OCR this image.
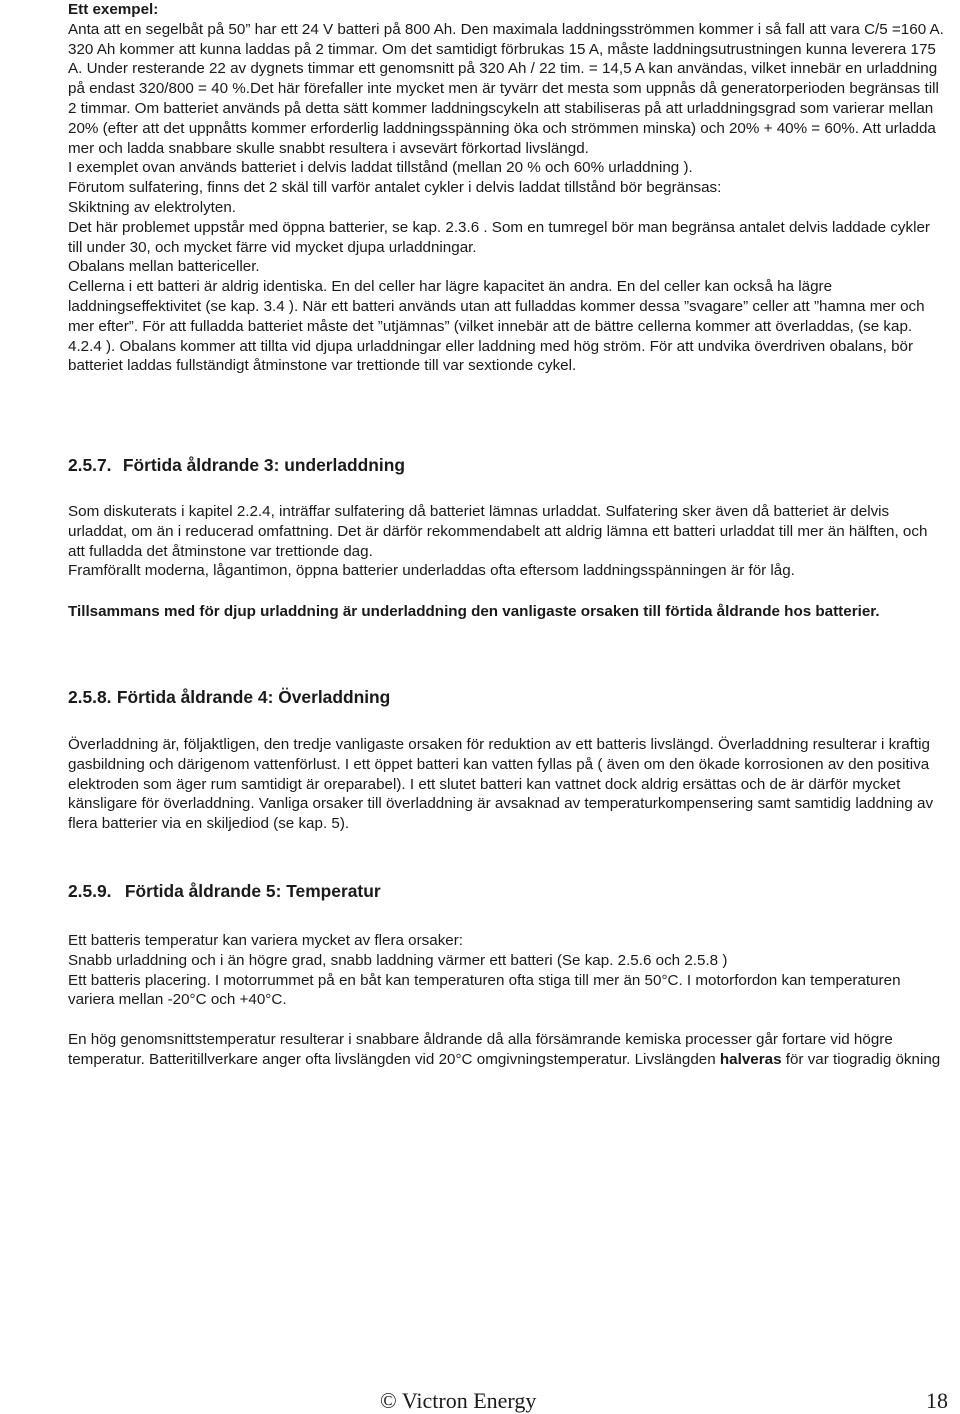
Ett exempel:

Anta att en segelbåt på 50” har ett 24 V batteri på 800 Ah. Den maximala laddningsströmmen kommer i så fall att vara C/5 =160 A. 320 Ah kommer att kunna laddas på 2 timmar. Om det samtidigt förbrukas 15 A, måste laddningsutrustningen kunna leverera 175 A. Under resterande 22 av dygnets timmar ett genomsnitt på 320 Ah / 22 tim. = 14,5 A kan användas, vilket innebär en urladdning på endast 320/800 = 40 %.Det här förefaller inte mycket men är tyvärr det mesta som uppnås då generatorperioden begränsas till 2 timmar. Om batteriet används på detta sätt kommer laddningscykeln att stabiliseras på att urladdningsgrad som varierar mellan 20% (efter att det uppnåtts kommer erforderlig laddningsspänning öka och strömmen minska) och 20% + 40% = 60%. Att urladda mer och ladda snabbare skulle snabbt resultera i avsevärt förkortad livslängd.

I exemplet ovan används batteriet i delvis laddat tillstånd (mellan 20 % och 60% urladdning ).

Förutom sulfatering, finns det 2 skäl till varför antalet cykler i delvis laddat tillstånd bör begränsas:

Skiktning av elektrolyten.

Det här problemet uppstår med öppna batterier, se kap. 2.3.6 . Som en tumregel bör man begränsa antalet delvis laddade cykler till under 30, och mycket färre vid mycket djupa urladdningar.

Obalans mellan battericeller.

Cellerna i ett batteri är aldrig identiska. En del celler har lägre kapacitet än andra. En del celler kan också ha lägre laddningseffektivitet (se kap. 3.4 ). När ett batteri används utan att fulladdas kommer dessa ”svagare” celler att ”hamna mer och mer efter”. För att fulladda batteriet måste det ”utjämnas” (vilket innebär att de bättre cellerna kommer att överladdas, (se kap. 4.2.4 ). Obalans kommer att tillta vid djupa urladdningar eller laddning med hög ström. För att undvika överdriven obalans, bör batteriet laddas fullständigt åtminstone var trettionde till var sextionde cykel.

2.5.7. Förtida åldrande 3: underladdning

Som diskuterats i kapitel 2.2.4, inträffar sulfatering då batteriet lämnas urladdat. Sulfatering sker även då batteriet är delvis urladdat, om än i reducerad omfattning. Det är därför rekommendabelt att aldrig lämna ett batteri urladdat till mer än hälften, och att fulladda det åtminstone var trettionde dag.

Framförallt moderna, lågantimon, öppna batterier underladdas ofta eftersom laddningsspänningen är för låg.

Tillsammans med för djup urladdning är underladdning den vanligaste orsaken till förtida åldrande hos batterier.
2.5.8. Förtida åldrande 4: Överladdning

Överladdning är, följaktligen, den tredje vanligaste orsaken för reduktion av ett batteris livslängd. Överladdning resulterar i kraftig gasbildning och därigenom vattenförlust. I ett öppet batteri kan vatten fyllas på ( även om den ökade korrosionen av den positiva elektroden som äger rum samtidigt är oreparabel). I ett slutet batteri kan vattnet dock aldrig ersättas och de är därför mycket känsligare för överladdning. Vanliga orsaker till överladdning är avsaknad av temperaturkompensering samt samtidig laddning av flera batterier via en skiljediod (se kap. 5).

2.5.9. Förtida åldrande 5: Temperatur

Ett batteris temperatur kan variera mycket av flera orsaker:

Snabb urladdning och i än högre grad, snabb laddning värmer ett batteri (Se kap. 2.5.6 och 2.5.8 )

Ett batteris placering. I motorrummet på en båt kan temperaturen ofta stiga till mer än 50°C. I motorfordon kan temperaturen variera mellan -20°C och +40°C.

En hög genomsnittstemperatur resulterar i snabbare åldrande då alla försämrande kemiska processer går fortare vid högre temperatur. Batteritillverkare anger ofta livslängden vid 20°C omgivningstemperatur. Livslängden halveras för var tiogradig ökning

© Victron Energy	18
